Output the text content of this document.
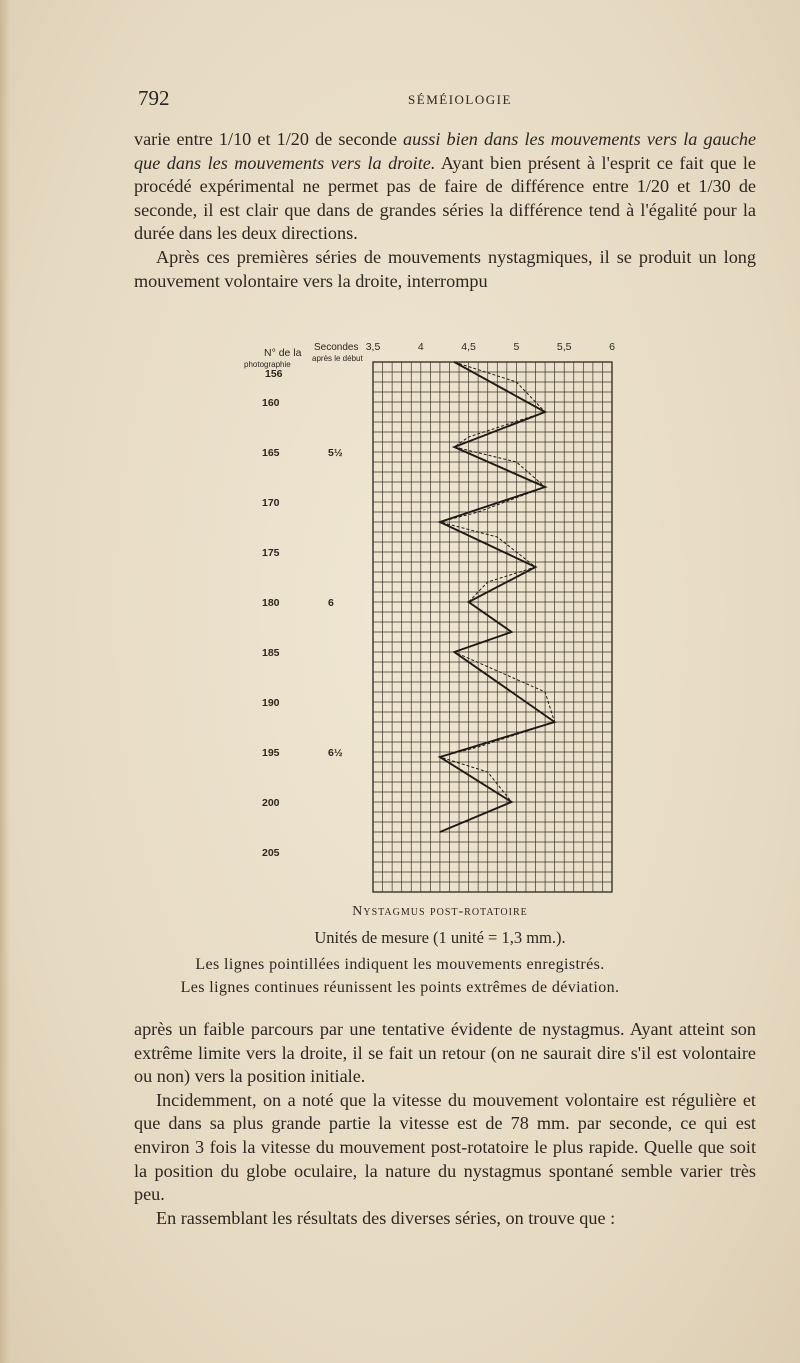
792	SÉMÉIOLOGIE

varie entre 1/10 et 1/20 de seconde aussi bien dans les mouvements vers la gauche que dans les mouvements vers la droite. Ayant bien présent à l'esprit ce fait que le procédé expérimental ne permet pas de faire de différence entre 1/20 et 1/30 de seconde, il est clair que dans de grandes séries la différence tend à l'égalité pour la durée dans les deux directions.

Après ces premières séries de mouvements nystagmiques, il se produit un long mouvement volontaire vers la droite, interrompu

3,5	4	4,5	5	5,5	6
156
160
165
170
175
180
185
190
195
200
205
5½
6
6½
N° de la
photographie
Secondes
après le début
Nystagmus post-rotatoire
Unités de mesure (1 unité = 1,3 mm.).
Les lignes pointillées indiquent les mouvements enregistrés.
Les lignes continues réunissent les points extrêmes de déviation.

après un faible parcours par une tentative évidente de nystagmus. Ayant atteint son extrême limite vers la droite, il se fait un retour (on ne saurait dire s'il est volontaire ou non) vers la position initiale.

Incidemment, on a noté que la vitesse du mouvement volontaire est régulière et que dans sa plus grande partie la vitesse est de 78 mm. par seconde, ce qui est environ 3 fois la vitesse du mouvement post-rotatoire le plus rapide. Quelle que soit la position du globe oculaire, la nature du nystagmus spontané semble varier très peu.

En rassemblant les résultats des diverses séries, on trouve que :
